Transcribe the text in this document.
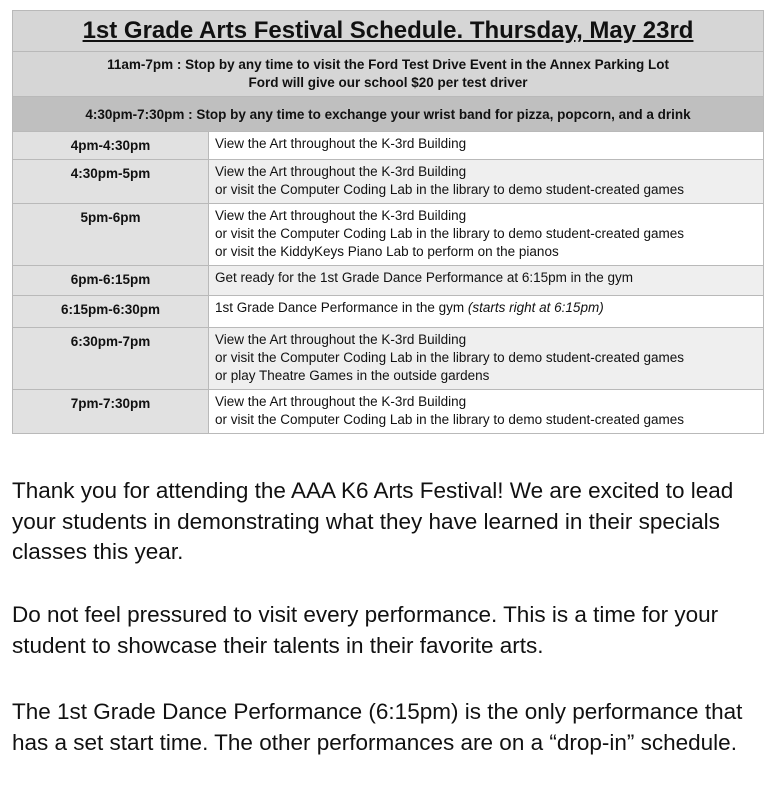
1st Grade Arts Festival Schedule. Thursday, May 23rd	

11am-7pm : Stop by any time to visit the Ford Test Drive Event in the Annex Parking Lot
Ford will give our school $20 per test driver	

4:30pm-7:30pm : Stop by any time to exchange your wrist band for pizza, popcorn, and a drink	
4pm-4:30pm	View the Art throughout the K-3rd Building

4:30pm-5pm	View the Art throughout the K-3rd Building
or visit the Computer Coding Lab in the library to demo student-created games

5pm-6pm	View the Art throughout the K-3rd Building
or visit the Computer Coding Lab in the library to demo student-created games
or visit the KiddyKeys Piano Lab to perform on the pianos

6pm-6:15pm	Get ready for the 1st Grade Dance Performance at 6:15pm in the gym

6:15pm-6:30pm	1st Grade Dance Performance in the gym (starts right at 6:15pm)

6:30pm-7pm	View the Art throughout the K-3rd Building
or visit the Computer Coding Lab in the library to demo student-created games
or play Theatre Games in the outside gardens

7pm-7:30pm	View the Art throughout the K-3rd Building
or visit the Computer Coding Lab in the library to demo student-created games

Thank you for attending the AAA K6 Arts Festival! We are excited to lead your students in demonstrating what they have learned in their specials classes this year.

Do not feel pressured to visit every performance. This is a time for your student to showcase their talents in their favorite arts.

The 1st Grade Dance Performance (6:15pm) is the only performance that has a set start time. The other performances are on a “drop-in” schedule.
